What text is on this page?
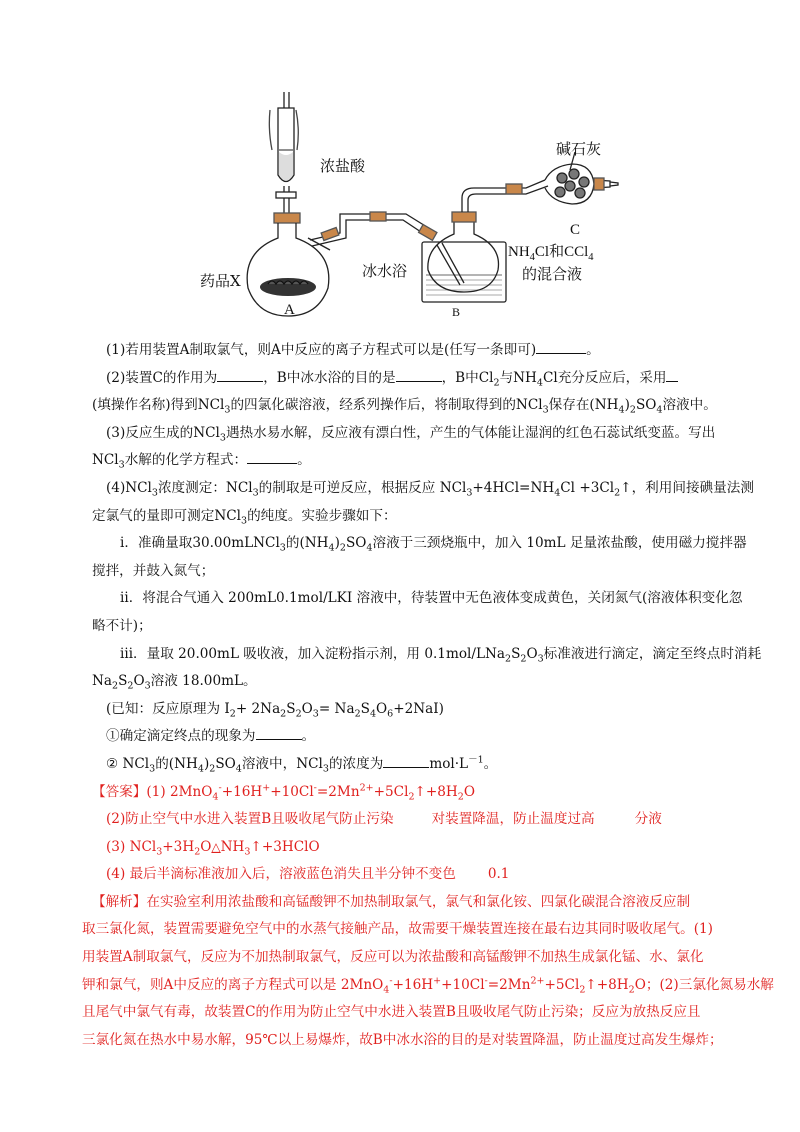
浓盐酸
药品X
A	B
C
碱石灰
冰水浴
$NH_4Cl$和CCl$_4$
的混合液
(1)若用装置A制取氯气，则A中反应的离子方程式可以是(任写一条即可)	。
(2)装置C的作用为	，B中冰水浴的目的是	，B中$Cl_2$与$NH_4Cl$充分反应后，采用
(填操作名称)得到NCl$_3$的四氯化碳溶液，经系列操作后，将制取得到的NCl$_3$保存在$(NH_4)_2SO_4$溶液中。
(3)反应生成的NCl$_3$遇热水易水解，反应液有漂白性，产生的气体能让湿润的红色石蕊试纸变蓝。写出
NCl$_3$水解的化学方程式：	。
(4)NCl$_3$浓度测定：NCl$_3$的制取是可逆反应，根据反应 $NCl_3+4HCl=NH_4Cl$ $+3Cl_2↑$，利用间接碘量法测
定氯气的量即可测定NCl$_3$的纯度。实验步骤如下：
ⅰ．准确量取30.00mLNCl$_3$的$(NH_4)_2SO_4$溶液于三颈烧瓶中，加入 10mL 足量浓盐酸，使用磁力搅拌器
搅拌，并鼓入氮气；
ⅱ．将混合气通入 200mL0.1mol/LKI 溶液中，待装置中无色液体变成黄色，关闭氮气(溶液体积变化忽
略不计)；
ⅲ．量取 20.00mL 吸收液，加入淀粉指示剂，用 $0.1mol/LNa_2S_2O_3$标准液进行滴定，滴定至终点时消耗
$Na_2S_2O_3$溶液 18.00mL。
(已知：反应原理为 $I_2+ 2Na_2S_2O_3= Na_2S_4O_6+2NaI$)
①确定滴定终点的现象为	。
② NCl$_3$的$(NH_4)_2SO_4$溶液中，NCl$_3$的浓度为	$mol\cdot L^{-1}$。
【答案】(1) $2MnO_4^-+16H^++10Cl^-=2Mn^{2+}+5Cl_2↑+8H_2O$
(2)防止空气中水进入装置B且吸收尾气防止污染	对装置降温，防止温度过高	分液
(3) $NCl_3+3H_2O\triangle NH_3↑+3HClO$
(4) 最后半滴标准液加入后，溶液蓝色消失且半分钟不变色 0.1
【解析】在实验室利用浓盐酸和高锰酸钾不加热制取氯气，氯气和氯化铵、四氯化碳混合溶液反应制
取三氯化氮，装置需要避免空气中的水蒸气接触产品，故需要干燥装置连接在最右边其同时吸收尾气。(1)
用装置A制取氯气，反应为不加热制取氯气，反应可以为浓盐酸和高锰酸钾不加热生成氯化锰、水、氯化
钾和氯气，则A中反应的离子方程式可以是 $2MnO_4^-+16H^++10Cl^-=2Mn^{2+}+5Cl_2↑+8H_2O$；(2)三氯化氮易水解
且尾气中氯气有毒，故装置C的作用为防止空气中水进入装置B且吸收尾气防止污染；反应为放热反应且
三氯化氮在热水中易水解，95℃以上易爆炸，故B中冰水浴的目的是对装置降温，防止温度过高发生爆炸；
